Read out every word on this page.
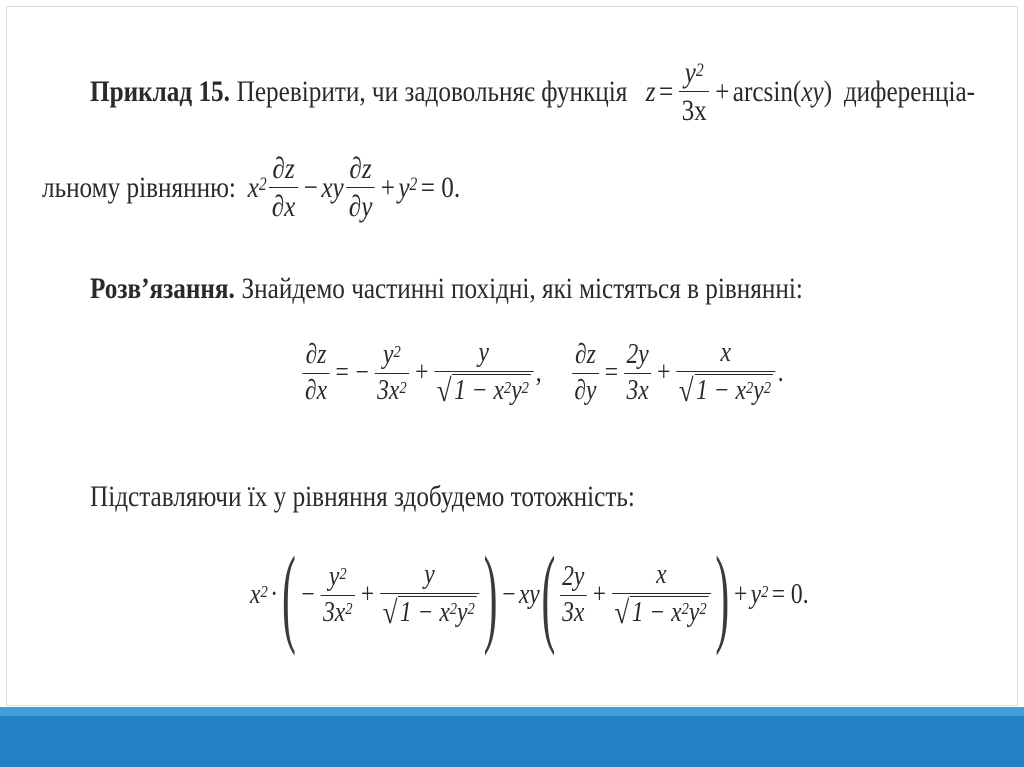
Приклад 15. Перевірити, чи задовольняє функція $z = \frac{y^2}{3x} + \arcsin(xy)$ диференціа-
льному рівнянню: $x^2 \frac{\partial z}{\partial x}$ − xy $\frac{\partial z}{\partial y} + y^2 = 0$.
Розв’язання. Знайдемо частинні похідні, які містяться в рівнянні:
$\frac{\partial z}{\partial x}$ = − $\frac{y^2}{3x^2} + \frac{y}{√ 1 - x^2y^2}$ , $\frac{\partial z}{\partial y} = \frac{2y}{3x} + \frac{x}{√ 1 - x^2y^2}$ .
Підставляючи їх у рівняння здобудемо тотожність:
$x^2$ · ( − $\frac{y^2}{3x^2} + \frac{y}{√ 1 - x^2y^2}$ ) − xy ( $\frac{2y}{3x} + \frac{x}{√ 1 - x^2y^2}$ ) + $y^2 = 0$.
